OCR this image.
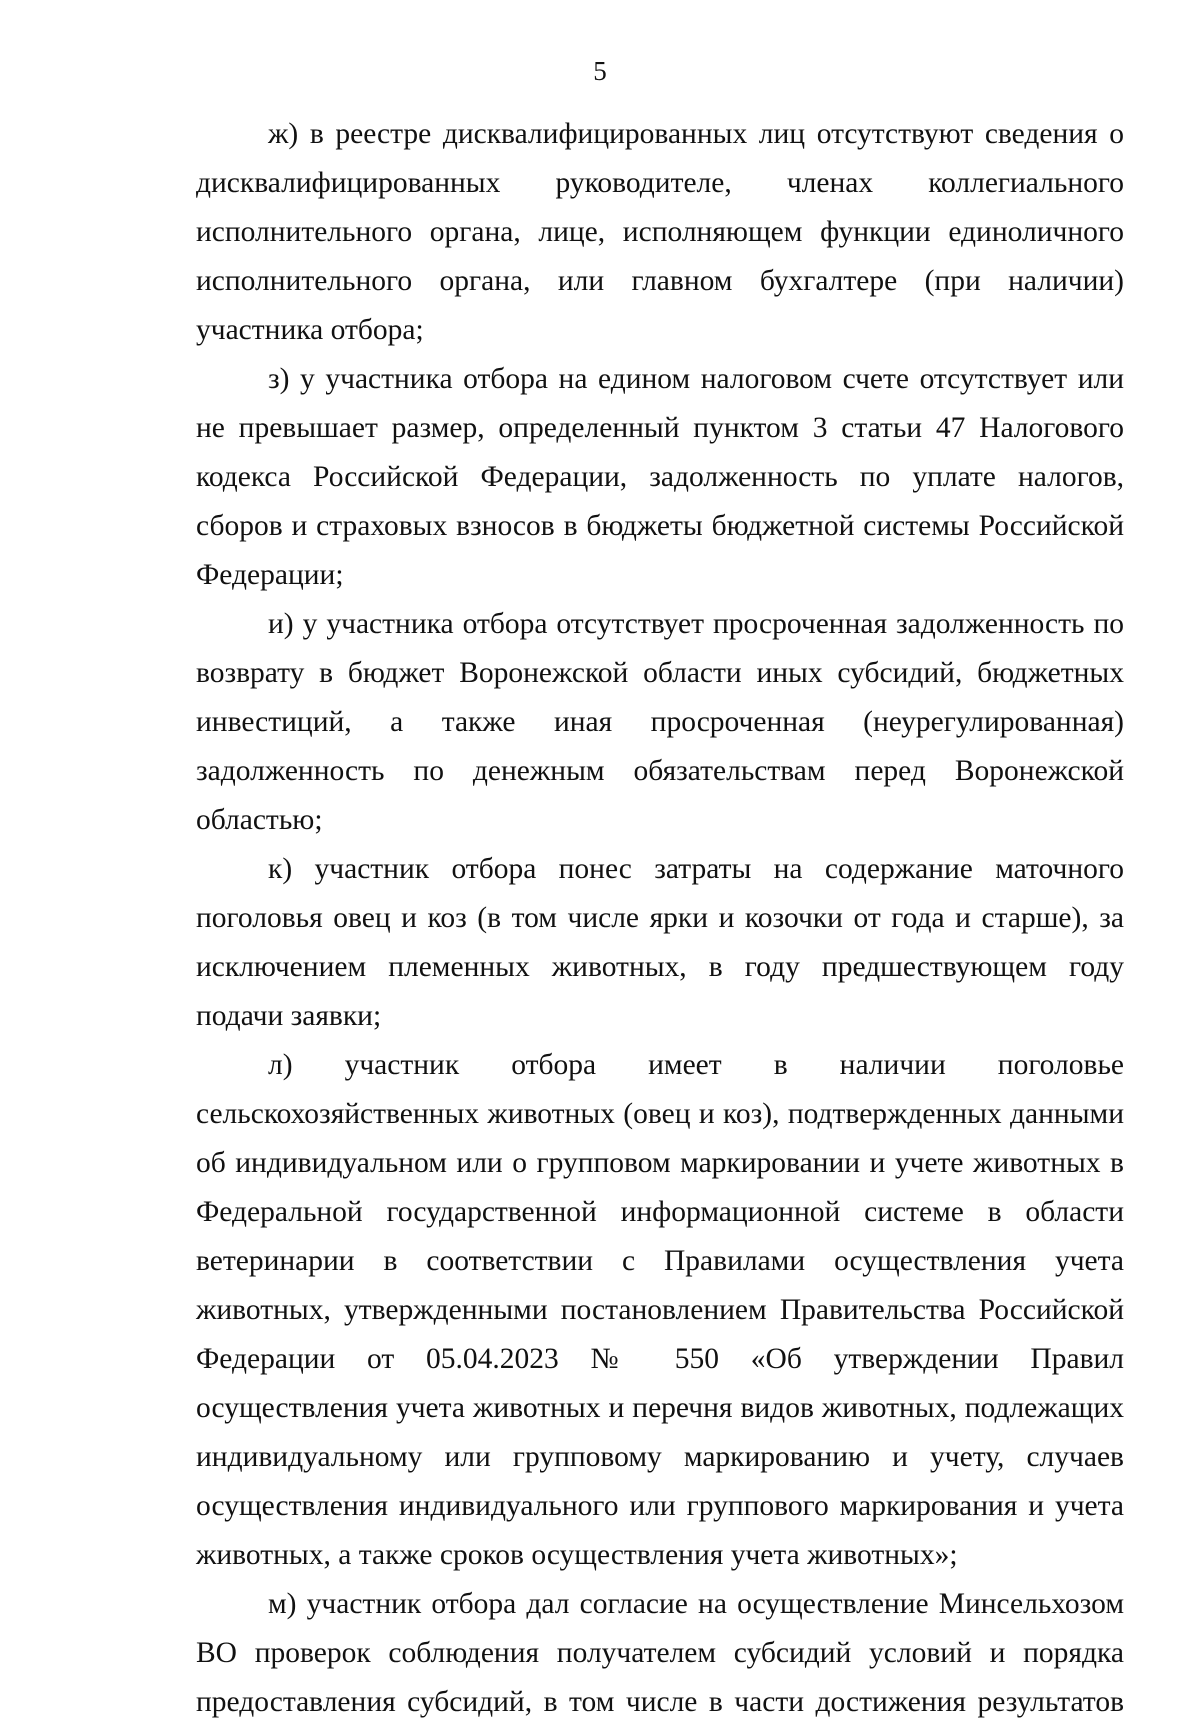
5

ж) в реестре дисквалифицированных лиц отсутствуют сведения о дисквалифицированных руководителе, членах коллегиального исполнительного органа, лице, исполняющем функции единоличного исполнительного органа, или главном бухгалтере (при наличии) участника отбора;

з) у участника отбора на едином налоговом счете отсутствует или не превышает размер, определенный пунктом 3 статьи 47 Налогового кодекса Российской Федерации, задолженность по уплате налогов, сборов и страховых взносов в бюджеты бюджетной системы Российской Федерации;

и) у участника отбора отсутствует просроченная задолженность по возврату в бюджет Воронежской области иных субсидий, бюджетных инвестиций, а также иная просроченная (неурегулированная) задолженность по денежным обязательствам перед Воронежской областью;

к) участник отбора понес затраты на содержание маточного поголовья овец и коз (в том числе ярки и козочки от года и старше), за исключением племенных животных, в году предшествующем году подачи заявки;

л) участник отбора имеет в наличии поголовье сельскохозяйственных животных (овец и коз), подтвержденных данными об индивидуальном или о групповом маркировании и учете животных в Федеральной государственной информационной системе в области ветеринарии в соответствии с Правилами осуществления учета животных, утвержденными постановлением Правительства Российской Федерации от 05.04.2023 № 550 «Об утверждении Правил осуществления учета животных и перечня видов животных, подлежащих индивидуальному или групповому маркированию и учету, случаев осуществления индивидуального или группового маркирования и учета животных, а также сроков осуществления учета животных»;

м) участник отбора дал согласие на осуществление Минсельхозом ВО проверок соблюдения получателем субсидий условий и порядка предоставления субсидий, в том числе в части достижения результатов
